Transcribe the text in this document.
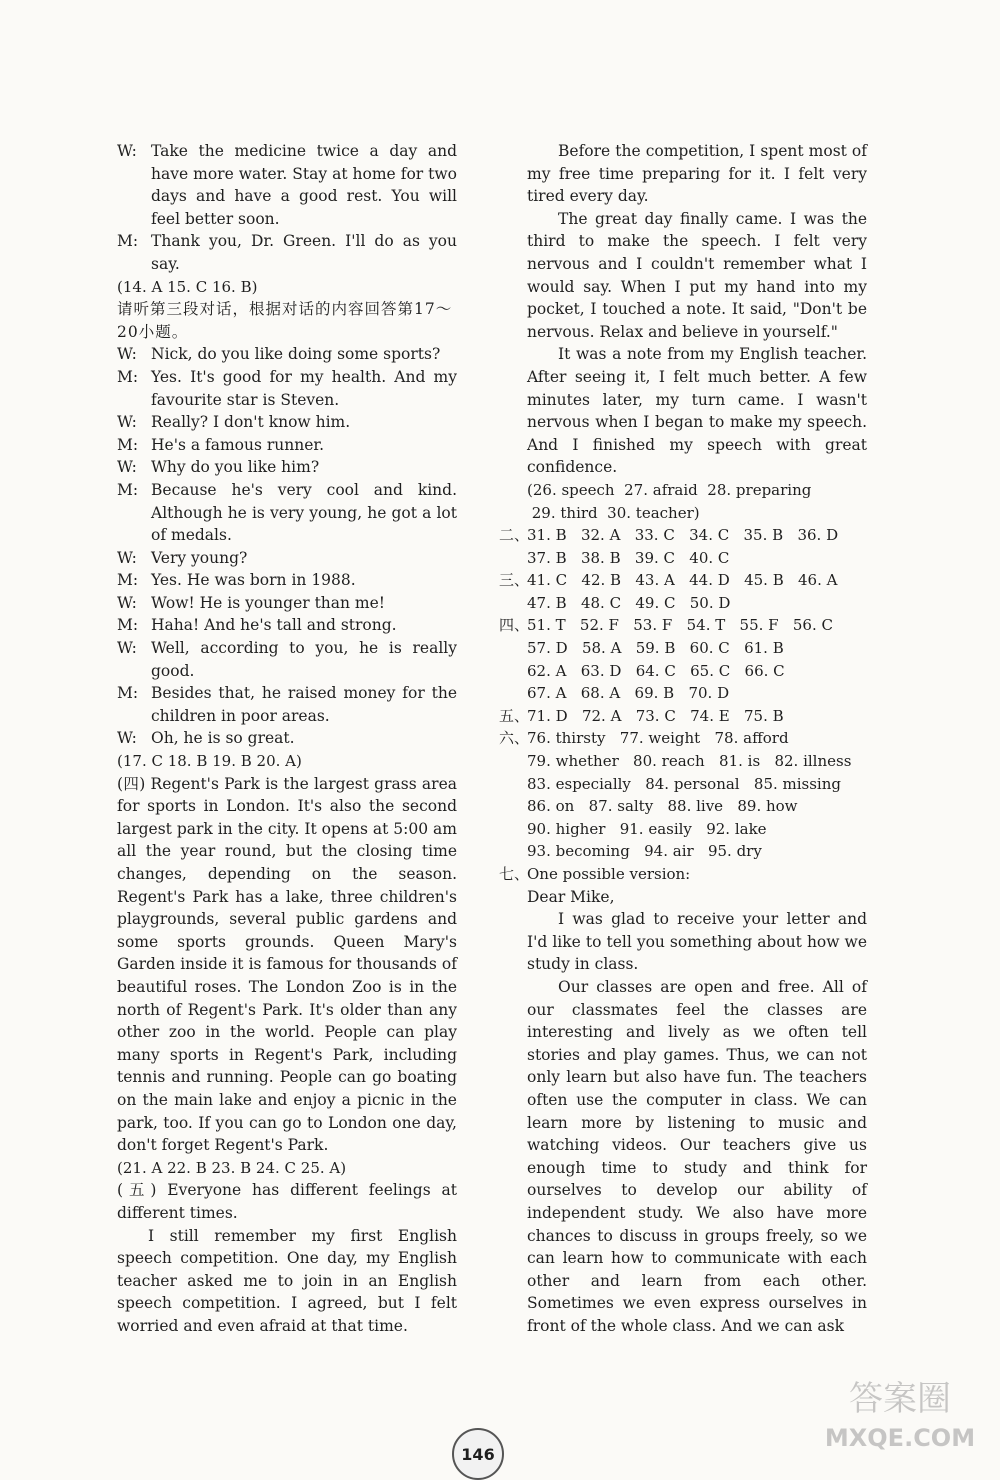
W: Take the medicine twice a day and have more water. Stay at home for two days and have a good rest. You will feel better soon.
M: Thank you, Dr. Green. I'll do as you say.

(14. A 15. C 16. B)

请听第三段对话，根据对话的内容回答第17～20小题。

W: Nick, do you like doing some sports?
M: Yes. It's good for my health. And my favourite star is Steven.
W: Really? I don't know him.
M: He's a famous runner.
W: Why do you like him?
M: Because he's very cool and kind. Although he is very young, he got a lot of medals.
W: Very young?
M: Yes. He was born in 1988.
W: Wow! He is younger than me!
M: Haha! And he's tall and strong.
W: Well, according to you, he is really good.
M: Besides that, he raised money for the children in poor areas.
W: Oh, he is so great.

(17. C 18. B 19. B 20. A)

(四) Regent's Park is the largest grass area for sports in London. It's also the second largest park in the city. It opens at 5:00 am all the year round, but the closing time changes, depending on the season. Regent's Park has a lake, three children's playgrounds, several public gardens and some sports grounds. Queen Mary's Garden inside it is famous for thousands of beautiful roses. The London Zoo is in the north of Regent's Park. It's older than any other zoo in the world. People can play many sports in Regent's Park, including tennis and running. People can go boating on the main lake and enjoy a picnic in the park, too. If you can go to London one day, don't forget Regent's Park.

(21. A 22. B 23. B 24. C 25. A)

(五) Everyone has different feelings at different times.

I still remember my first English speech competition. One day, my English teacher asked me to join in an English speech competition. I agreed, but I felt worried and even afraid at that time.

Before the competition, I spent most of my free time preparing for it. I felt very tired every day.

The great day finally came. I was the third to make the speech. I felt very nervous and I couldn't remember what I would say. When I put my hand into my pocket, I touched a note. It said, "Don't be nervous. Relax and believe in yourself."

It was a note from my English teacher. After seeing it, I felt much better. A few minutes later, my turn came. I wasn't nervous when I began to make my speech. And I finished my speech with great confidence.

(26. speech  27. afraid  28. preparing

29. third  30. teacher)

二、
31. B   32. A   33. C   34. C   35. B   36. D
37. B   38. B   39. C   40. C
三、
41. C   42. B   43. A   44. D   45. B   46. A
47. B   48. C   49. C   50. D
四、
51. T   52. F   53. F   54. T   55. F   56. C
57. D   58. A   59. B   60. C   61. B
62. A   63. D   64. C   65. C   66. C
67. A   68. A   69. B   70. D
五、
71. D   72. A   73. C   74. E   75. B
六、
76. thirsty   77. weight   78. afford
79. whether   80. reach   81. is   82. illness
83. especially   84. personal   85. missing
86. on   87. salty   88. live   89. how
90. higher   91. easily   92. lake
93. becoming   94. air   95. dry
七、
One possible version:

Dear Mike,

I was glad to receive your letter and I'd like to tell you something about how we study in class.

Our classes are open and free. All of our classmates feel the classes are interesting and lively as we often tell stories and play games. Thus, we can not only learn but also have fun. The teachers often use the computer in class. We can learn more by listening to music and watching videos. Our teachers give us enough time to study and think for ourselves to develop our ability of independent study. We also have more chances to discuss in groups freely, so we can learn how to communicate with each other and learn from each other. Sometimes we even express ourselves in front of the whole class. And we can ask

146
答案圈
MXQE.COM
